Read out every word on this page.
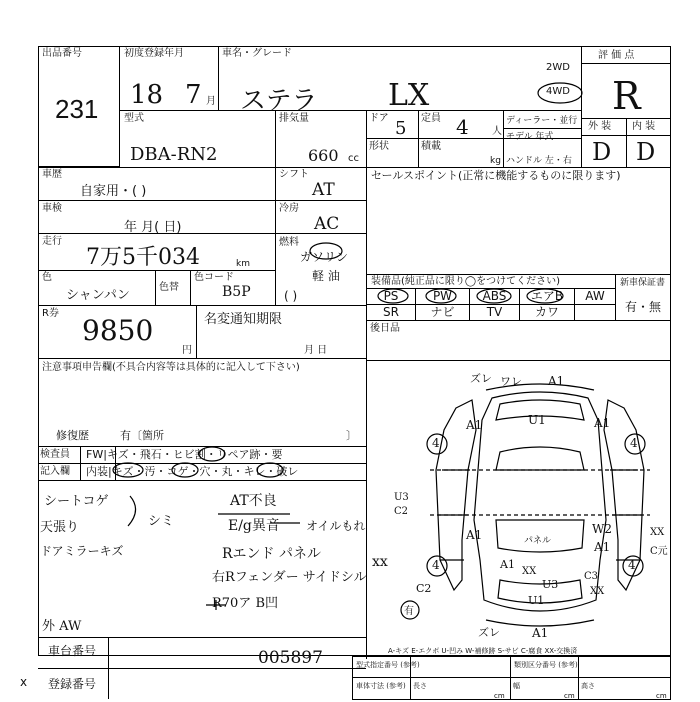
出品番号
231
初度登録年月
18 7 月
車名・グレード
ステラ LX
2WD
4WD
評 価 点
R
外 装 内 装
D D
型式
DBA-RN2
排気量
660 cc
ドア 5 定員 4 人
ディーラー・並行
モデル 年式
形状	積載
kg ハンドル 左・右
車歴
自家用・( )
シフト
AT
車検
年 月( 日)
冷房
AC
走行
7万5千034	km
燃料
ガソリン
軽 油
( )
色
シャンパン
色替
色コード
B5P
R券
9850
円
名変通知期限
月 日
注意事項申告欄(不具合内容等は具体的に記入して下さい)
修復歴	有〔箇所	〕
検査員
記入欄
FW|キズ・飛石・ヒビ割・リペア跡・要
内装|キズ・汚・コゲ・穴・丸・キレ・破レ
シートコゲ
天張り	シミ
ドアミラーキズ
AT不良
E/g異音 オイルもれ
Rエンド パネル
右Rフェンダー サイドシル
xx
R70ア B凹
外 AW
セールスポイント(正常に機能するものに限ります)
装備品(純正品に限り◯をつけてください)	新車保証書
有・無
PS	PW	ABS	エアB	AW
SR	ナビ	TV	カワ
後日品
A1
ズレ ワレ
A1	U1	A1
4	4
U3
C2
A1	W2	XX
C元
A1
4	4
XX
U3
C3
XX
C2
有
ズレ	A1
U1
A1
パネル
A-キズ E-エクボ U-凹み W-補修跡 S-サビ C-腐食 XX-交換済
車台番号	005897
登録番号
x
型式指定番号 (参考)	類別区分番号 (参考)
車体寸法 (参考) 長さ	幅	高さ
cm	cm	cm
